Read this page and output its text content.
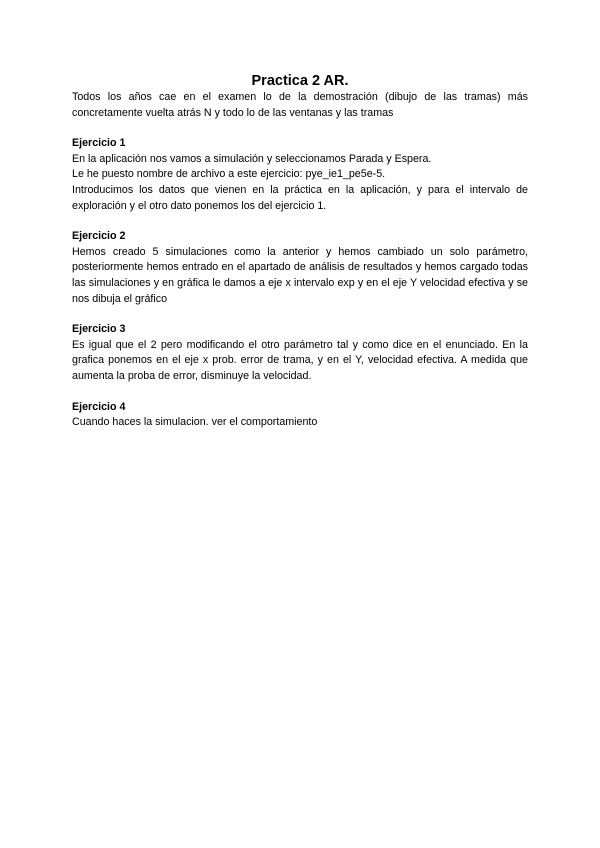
Practica 2 AR.

Todos los años cae en el examen lo de la demostración (dibujo de las tramas) más concretamente vuelta atrás N y todo lo de las ventanas y las tramas

Ejercicio 1

En la aplicación nos vamos a simulación y seleccionamos Parada y Espera.

Le he puesto nombre de archivo a este ejercicio: pye_ie1_pe5e-5.

Introducimos los datos que vienen en la práctica en la aplicación, y para el intervalo de exploración y el otro dato ponemos los del ejercicio 1.

Ejercicio 2

Hemos creado 5 simulaciones como la anterior y hemos cambiado un solo parámetro, posteriormente hemos entrado en el apartado de análisis de resultados y hemos cargado todas las simulaciones y en gráfica le damos a eje x intervalo exp y en el eje Y velocidad efectiva y se nos dibuja el gráfico

Ejercicio 3

Es igual que el 2 pero modificando el otro parámetro tal y como dice en el enunciado. En la grafica ponemos en el eje x prob. error de trama, y en el Y, velocidad efectiva. A medida que aumenta la proba de error, disminuye la velocidad.

Ejercicio 4

Cuando haces la simulacion. ver el comportamiento
